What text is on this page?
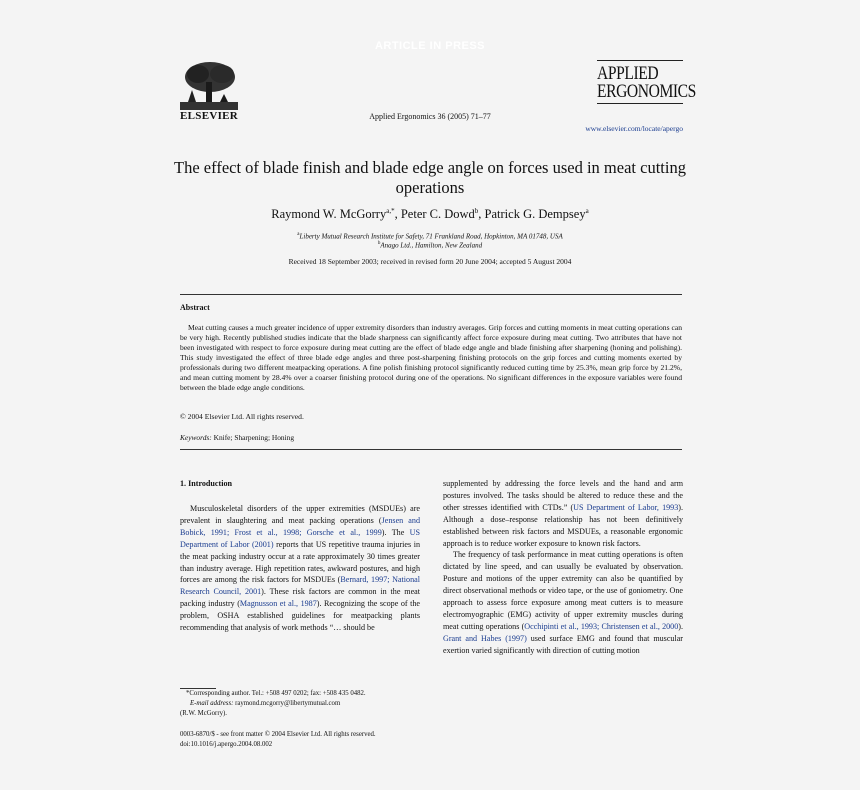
ARTICLE IN PRESS
ELSEVIER	Applied Ergonomics 36 (2005) 71–77
APPLIED
ERGONOMICS
www.elsevier.com/locate/apergo
The effect of blade finish and blade edge angle on forces used in meat cutting operations
Raymond W. McGorry$^{a,*}$, Peter C. Dowd$^b$, Patrick G. Dempsey$^a$
$^a$Liberty Mutual Research Institute for Safety, 71 Frankland Road, Hopkinton, MA 01748, USA
$^b$Anago Ltd., Hamilton, New Zealand
Received 18 September 2003; received in revised form 20 June 2004; accepted 5 August 2004
Abstract
Meat cutting causes a much greater incidence of upper extremity disorders than industry averages. Grip forces and cutting moments in meat cutting operations can be very high. Recently published studies indicate that the blade sharpness can significantly affect force exposure during meat cutting. Two attributes that have not been investigated with respect to force exposure during meat cutting are the effect of blade edge angle and blade finishing after sharpening (honing and polishing). This study investigated the effect of three blade edge angles and three post-sharpening finishing protocols on the grip forces and cutting moments exerted by professionals during two different meatpacking operations. A fine polish finishing protocol significantly reduced cutting time by 25.3%, mean grip force by 21.2%, and mean cutting moment by 28.4% over a coarser finishing protocol during one of the operations. No significant differences in the exposure variables were found between the blade edge angle conditions.
© 2004 Elsevier Ltd. All rights reserved.
Keywords: Knife; Sharpening; Honing
1. Introduction
Musculoskeletal disorders of the upper extremities (MSDUEs) are prevalent in slaughtering and meat packing operations (Jensen and Bobick, 1991; Frost et al., 1998; Gorsche et al., 1999). The US Department of Labor (2001) reports that US repetitive trauma injuries in the meat packing industry occur at a rate approximately 30 times greater than industry average. High repetition rates, awkward postures, and high forces are among the risk factors for MSDUEs (Bernard, 1997; National Research Council, 2001). These risk factors are common in the meat packing industry (Magnusson et al., 1987). Recognizing the scope of the problem, OSHA established guidelines for meatpacking plants recommending that analysis of work methods “… should be
supplemented by addressing the force levels and the hand and arm postures involved. The tasks should be altered to reduce these and the other stresses identified with CTDs.” (US Department of Labor, 1993). Although a dose–response relationship has not been definitively established between risk factors and MSDUEs, a reasonable ergonomic approach is to reduce worker exposure to known risk factors.
The frequency of task performance in meat cutting operations is often dictated by line speed, and can usually be evaluated by observation. Posture and motions of the upper extremity can also be quantified by direct observational methods or video tape, or the use of goniometry. One approach to assess force exposure among meat cutters is to measure electromyographic (EMG) activity of upper extremity muscles during meat cutting operations (Occhipinti et al., 1993; Christensen et al., 2000). Grant and Habes (1997) used surface EMG and found that muscular exertion varied significantly with direction of cutting motion
*Corresponding author. Tel.: +508 497 0202; fax: +508 435 0482.
E-mail address: raymond.mcgorry@libertymutual.com
(R.W. McGorry).
0003-6870/$ - see front matter © 2004 Elsevier Ltd. All rights reserved.
doi:10.1016/j.apergo.2004.08.002
